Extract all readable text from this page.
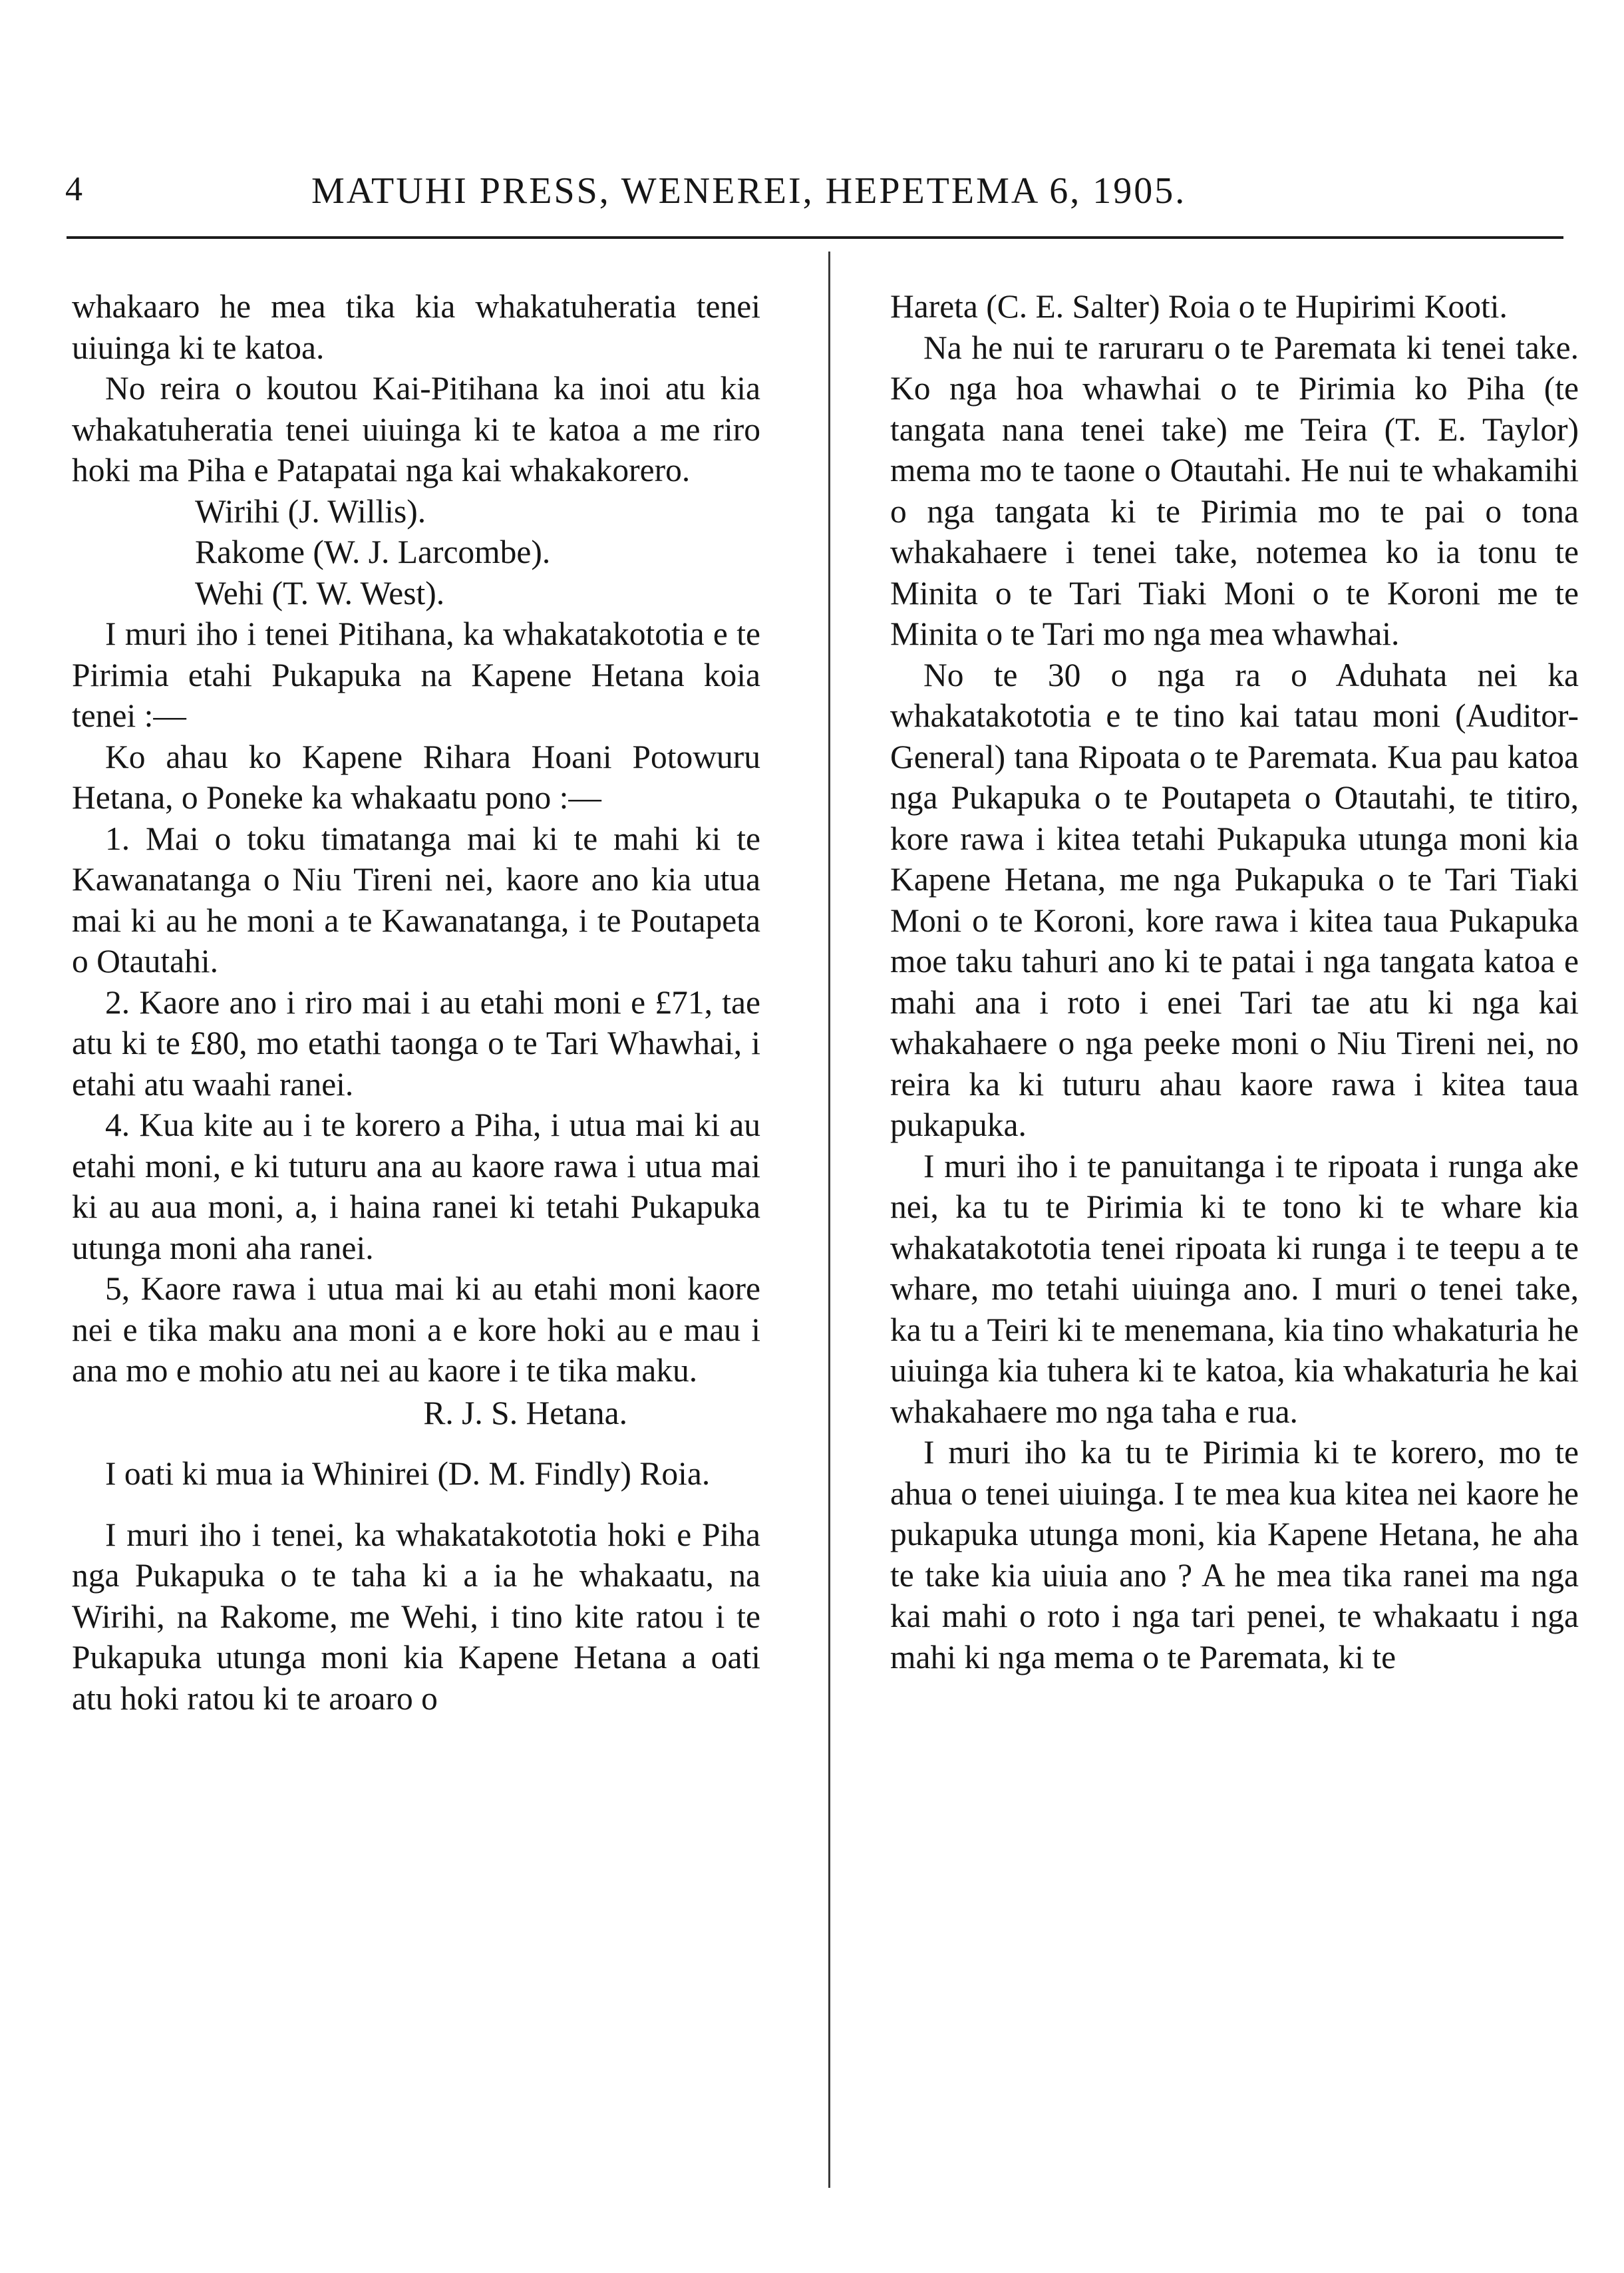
4	MATUHI PRESS, WENEREI, HEPETEMA 6, 1905.

whakaaro he mea tika kia whakatuheratia tenei uiuinga ki te katoa.

No reira o koutou Kai-Pitihana ka inoi atu kia whakatuheratia tenei uiuinga ki te katoa a me riro hoki ma Piha e Patapatai nga kai whakakorero.

Wirihi (J. Willis).

Rakome (W. J. Larcombe).

Wehi (T. W. West).

I muri iho i tenei Pitihana, ka whakatakototia e te Pirimia etahi Pukapuka na Kapene Hetana koia tenei :—

Ko ahau ko Kapene Rihara Hoani Potowuru Hetana, o Poneke ka whakaatu pono :—

1. Mai o toku timatanga mai ki te mahi ki te Kawanatanga o Niu Tireni nei, kaore ano kia utua mai ki au he moni a te Kawanatanga, i te Poutapeta o Otautahi.

2. Kaore ano i riro mai i au etahi moni e £71, tae atu ki te £80, mo etathi taonga o te Tari Whawhai, i etahi atu waahi ranei.

4. Kua kite au i te korero a Piha, i utua mai ki au etahi moni, e ki tuturu ana au kaore rawa i utua mai ki au aua moni, a, i haina ranei ki tetahi Pukapuka utunga moni aha ranei.

5, Kaore rawa i utua mai ki au etahi moni kaore nei e tika maku ana moni a e kore hoki au e mau i ana mo e mohio atu nei au kaore i te tika maku.

R. J. S. Hetana.

I oati ki mua ia Whinirei (D. M. Findly) Roia.

I muri iho i tenei, ka whakatakototia hoki e Piha nga Pukapuka o te taha ki a ia he whakaatu, na Wirihi, na Rakome, me Wehi, i tino kite ratou i te Pukapuka utunga moni kia Kapene Hetana a oati atu hoki ratou ki te aroaro o

Hareta (C. E. Salter) Roia o te Hupirimi Kooti.

Na he nui te raruraru o te Paremata ki tenei take. Ko nga hoa whawhai o te Pirimia ko Piha (te tangata nana tenei take) me Teira (T. E. Taylor) mema mo te taone o Otautahi. He nui te whakamihi o nga tangata ki te Pirimia mo te pai o tona whakahaere i tenei take, notemea ko ia tonu te Minita o te Tari Tiaki Moni o te Koroni me te Minita o te Tari mo nga mea whawhai.

No te 30 o nga ra o Aduhata nei ka whakatakototia e te tino kai tatau moni (Auditor-General) tana Ripoata o te Paremata. Kua pau katoa nga Pukapuka o te Poutapeta o Otautahi, te titiro, kore rawa i kitea tetahi Pukapuka utunga moni kia Kapene Hetana, me nga Pukapuka o te Tari Tiaki Moni o te Koroni, kore rawa i kitea taua Pukapuka moe taku tahuri ano ki te patai i nga tangata katoa e mahi ana i roto i enei Tari tae atu ki nga kai whakahaere o nga peeke moni o Niu Tireni nei, no reira ka ki tuturu ahau kaore rawa i kitea taua pukapuka.

I muri iho i te panuitanga i te ripoata i runga ake nei, ka tu te Pirimia ki te tono ki te whare kia whakatakototia tenei ripoata ki runga i te teepu a te whare, mo tetahi uiuinga ano. I muri o tenei take, ka tu a Teiri ki te menemana, kia tino whakaturia he uiuinga kia tuhera ki te katoa, kia whakaturia he kai whakahaere mo nga taha e rua.

I muri iho ka tu te Pirimia ki te korero, mo te ahua o tenei uiuinga. I te mea kua kitea nei kaore he pukapuka utunga moni, kia Kapene Hetana, he aha te take kia uiuia ano ? A he mea tika ranei ma nga kai mahi o roto i nga tari penei, te whakaatu i nga mahi ki nga mema o te Paremata, ki te
